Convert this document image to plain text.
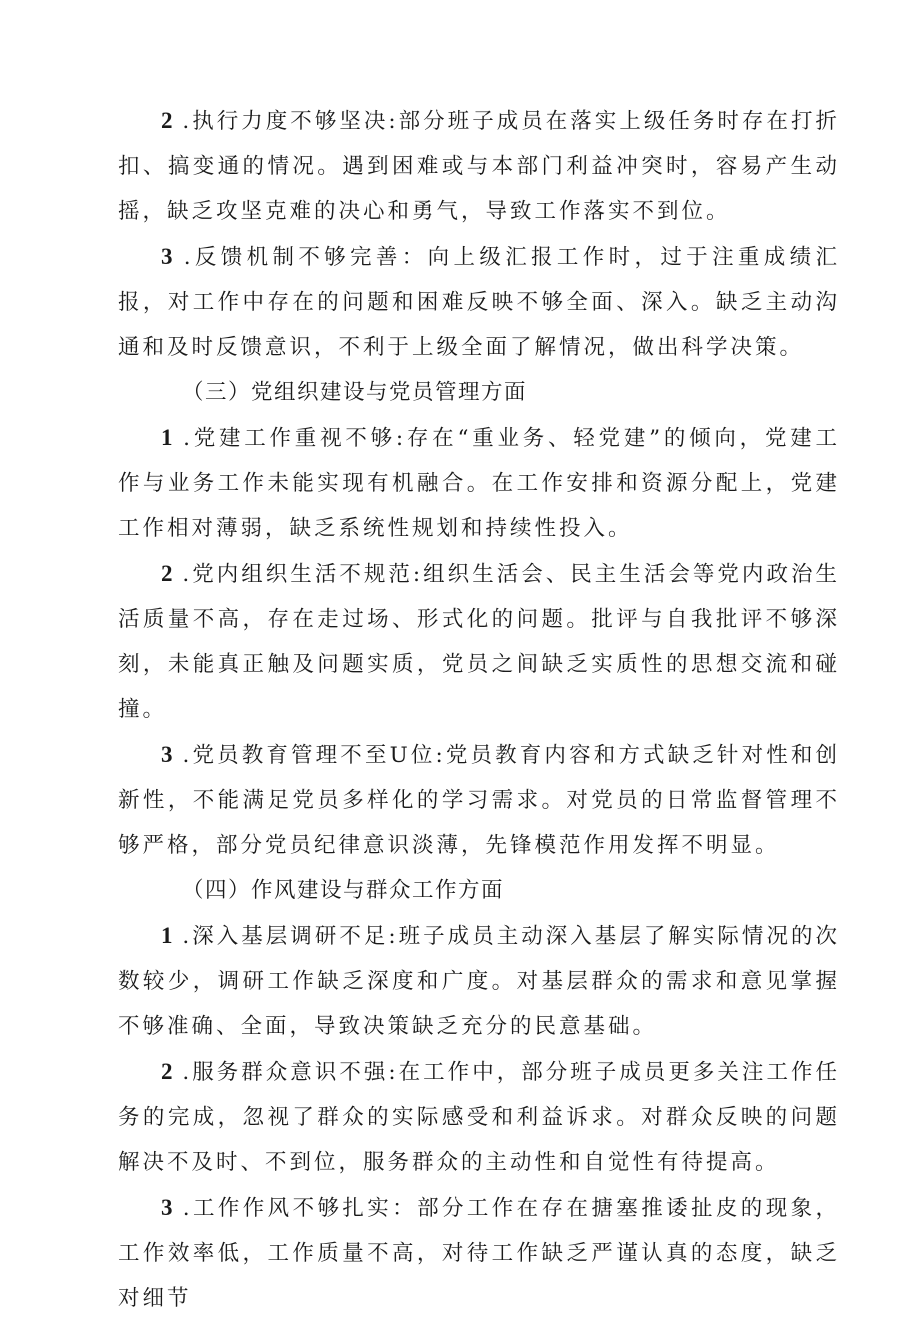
2 .执行力度不够坚决:部分班子成员在落实上级任务时存在打折扣、搞变通的情况。遇到困难或与本部门利益冲突时，容易产生动摇，缺乏攻坚克难的决心和勇气，导致工作落实不到位。

3 .反馈机制不够完善：向上级汇报工作时，过于注重成绩汇报，对工作中存在的问题和困难反映不够全面、深入。缺乏主动沟通和及时反馈意识，不利于上级全面了解情况，做出科学决策。

（三）党组织建设与党员管理方面

1 .党建工作重视不够:存在“重业务、轻党建”的倾向，党建工作与业务工作未能实现有机融合。在工作安排和资源分配上，党建工作相对薄弱，缺乏系统性规划和持续性投入。

2 .党内组织生活不规范:组织生活会、民主生活会等党内政治生活质量不高，存在走过场、形式化的问题。批评与自我批评不够深刻，未能真正触及问题实质，党员之间缺乏实质性的思想交流和碰撞。

3 .党员教育管理不至U位:党员教育内容和方式缺乏针对性和创新性，不能满足党员多样化的学习需求。对党员的日常监督管理不够严格，部分党员纪律意识淡薄，先锋模范作用发挥不明显。

（四）作风建设与群众工作方面

1 .深入基层调研不足:班子成员主动深入基层了解实际情况的次数较少，调研工作缺乏深度和广度。对基层群众的需求和意见掌握不够准确、全面，导致决策缺乏充分的民意基础。

2 .服务群众意识不强:在工作中，部分班子成员更多关注工作任务的完成，忽视了群众的实际感受和利益诉求。对群众反映的问题解决不及时、不到位，服务群众的主动性和自觉性有待提高。

3 .工作作风不够扎实：部分工作在存在搪塞推诿扯皮的现象，工作效率低，工作质量不高，对待工作缺乏严谨认真的态度，缺乏对细节
